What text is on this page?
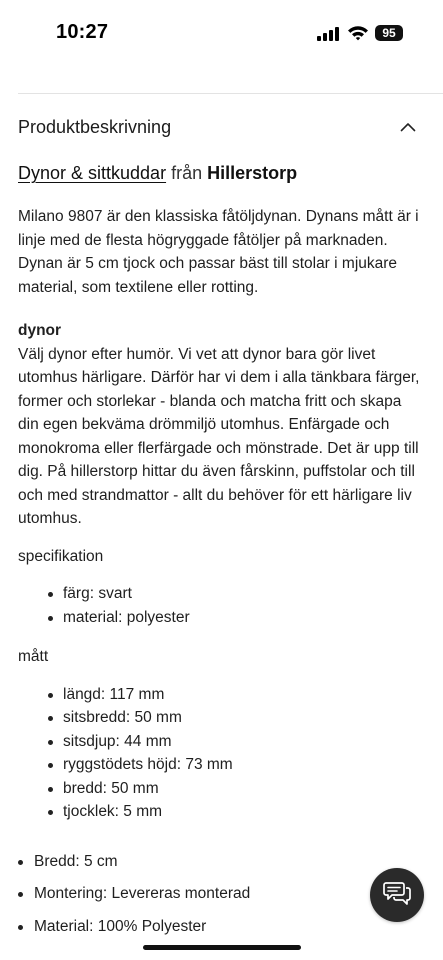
10:27	95
Produktbeskrivning
Dynor & sittkuddar från Hillerstorp

Milano 9807 är den klassiska fåtöljdynan. Dynans mått är i linje med de flesta högryggade fåtöljer på marknaden. Dynan är 5 cm tjock och passar bäst till stolar i mjukare material, som textilene eller rotting.

dynor

Välj dynor efter humör. Vi vet att dynor bara gör livet utomhus härligare. Därför har vi dem i alla tänkbara färger, former och storlekar - blanda och matcha fritt och skapa din egen bekväma drömmiljö utomhus. Enfärgade och monokroma eller flerfärgade och mönstrade. Det är upp till dig. På hillerstorp hittar du även fårskinn, puffstolar och till och med strandmattor - allt du behöver för ett härligare liv utomhus.

specifikation

färg: svart
material: polyester

mått

längd: 117 mm
sitsbredd: 50 mm
sitsdjup: 44 mm
ryggstödets höjd: 73 mm
bredd: 50 mm
tjocklek: 5 mm
Bredd: 5 cm
Montering: Levereras monterad
Material: 100% Polyester
